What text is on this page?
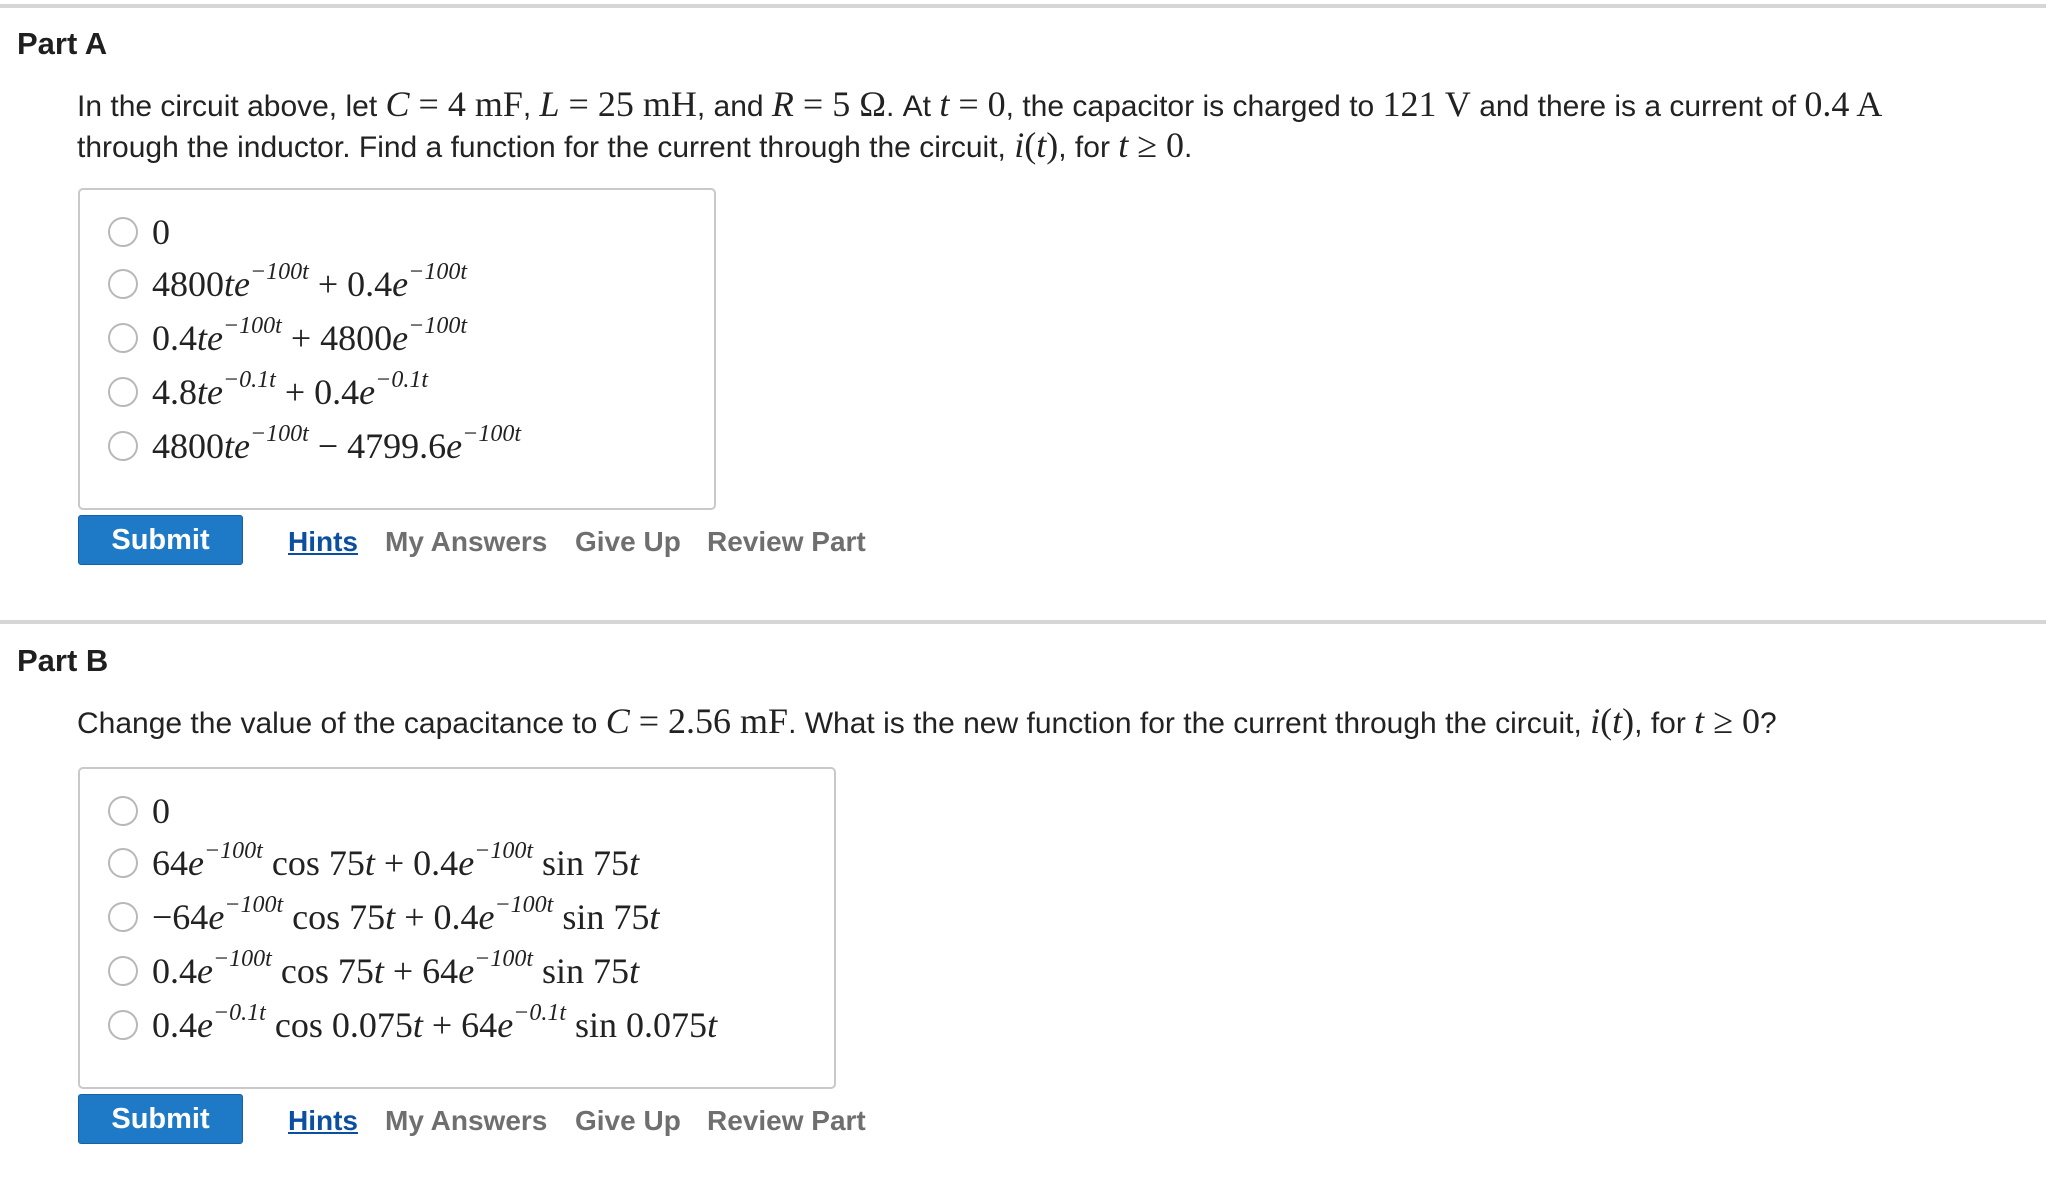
Part A
In the circuit above, let C = 4 mF, L = 25 mH, and R = 5 Ω. At t = 0, the capacitor is charged to 121 V and there is a current of 0.4 A
through the inductor. Find a function for the current through the circuit, i(t), for t ≥ 0.
0
$4800te^{-100t} + 0.4e^{-100t}$
$0.4te^{-100t} + 4800e^{-100t}$
$4.8te^{-0.1t} + 0.4e^{-0.1t}$
$4800te^{-100t} - 4799.6e^{-100t}$
Submit	Hints My Answers Give Up Review Part
Part B
Change the value of the capacitance to C = 2.56 mF. What is the new function for the current through the circuit, i(t), for t ≥ 0?
0
$64e^{-100t}$ $\cos 75t + 0.4e^{-100t}$ sin 75t
$-64e^{-100t}$ $\cos 75t + 0.4e^{-100t}$ sin 75t
$0.4e^{-100t}$ $\cos 75t + 64e^{-100t}$ sin 75t
$0.4e^{-0.1t}$ $\cos 0.075t + 64e^{-0.1t}$ sin 0.075t
Submit	Hints My Answers Give Up Review Part
